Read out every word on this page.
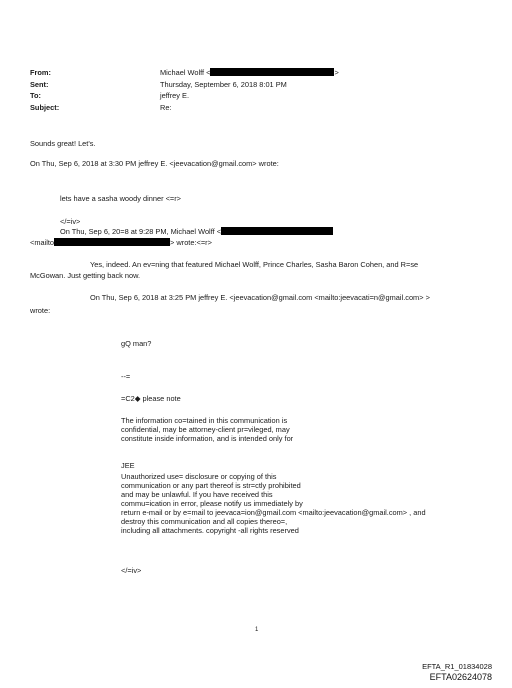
From:	Michael Wolff <	>
Sent:	Thursday, September 6, 2018 8:01 PM
To:	jeffrey E.
Subject:	Re:
Sounds great! Let's.
On Thu, Sep 6, 2018 at 3:30 PM jeffrey E. <jeevacation@gmail.com> wrote:
lets have a sasha woody dinner <=r>
</=iv>
On Thu, Sep 6, 20=8 at 9:28 PM, Michael Wolff <
<mailto	> wrote:<=r>
Yes, indeed. An ev=ning that featured Michael Wolff, Prince Charles, Sasha Baron Cohen, and R=se
McGowan. Just getting back now.
On Thu, Sep 6, 2018 at 3:25 PM jeffrey E. <jeevacation@gmail.com <mailto:jeevacati=n@gmail.com> >
wrote:
gQ man?
--=
=C2◆ please note
The information co=tained in this communication is
confidential, may be attorney-client pr=vileged, may
constitute inside information, and is intended only for
JEE
Unauthorized use= disclosure or copying of this
communication or any part thereof is str=ctly prohibited
and may be unlawful. If you have received this
commu=ication in error, please notify us immediately by
return e-mail or by e=mail to jeevaca=ion@gmail.com <mailto:jeevacation@gmail.com> , and
destroy this communication and all copies thereo=,
including all attachments. copyright -all rights reserved
</=iv>
1
EFTA_R1_01834028
EFTA02624078
